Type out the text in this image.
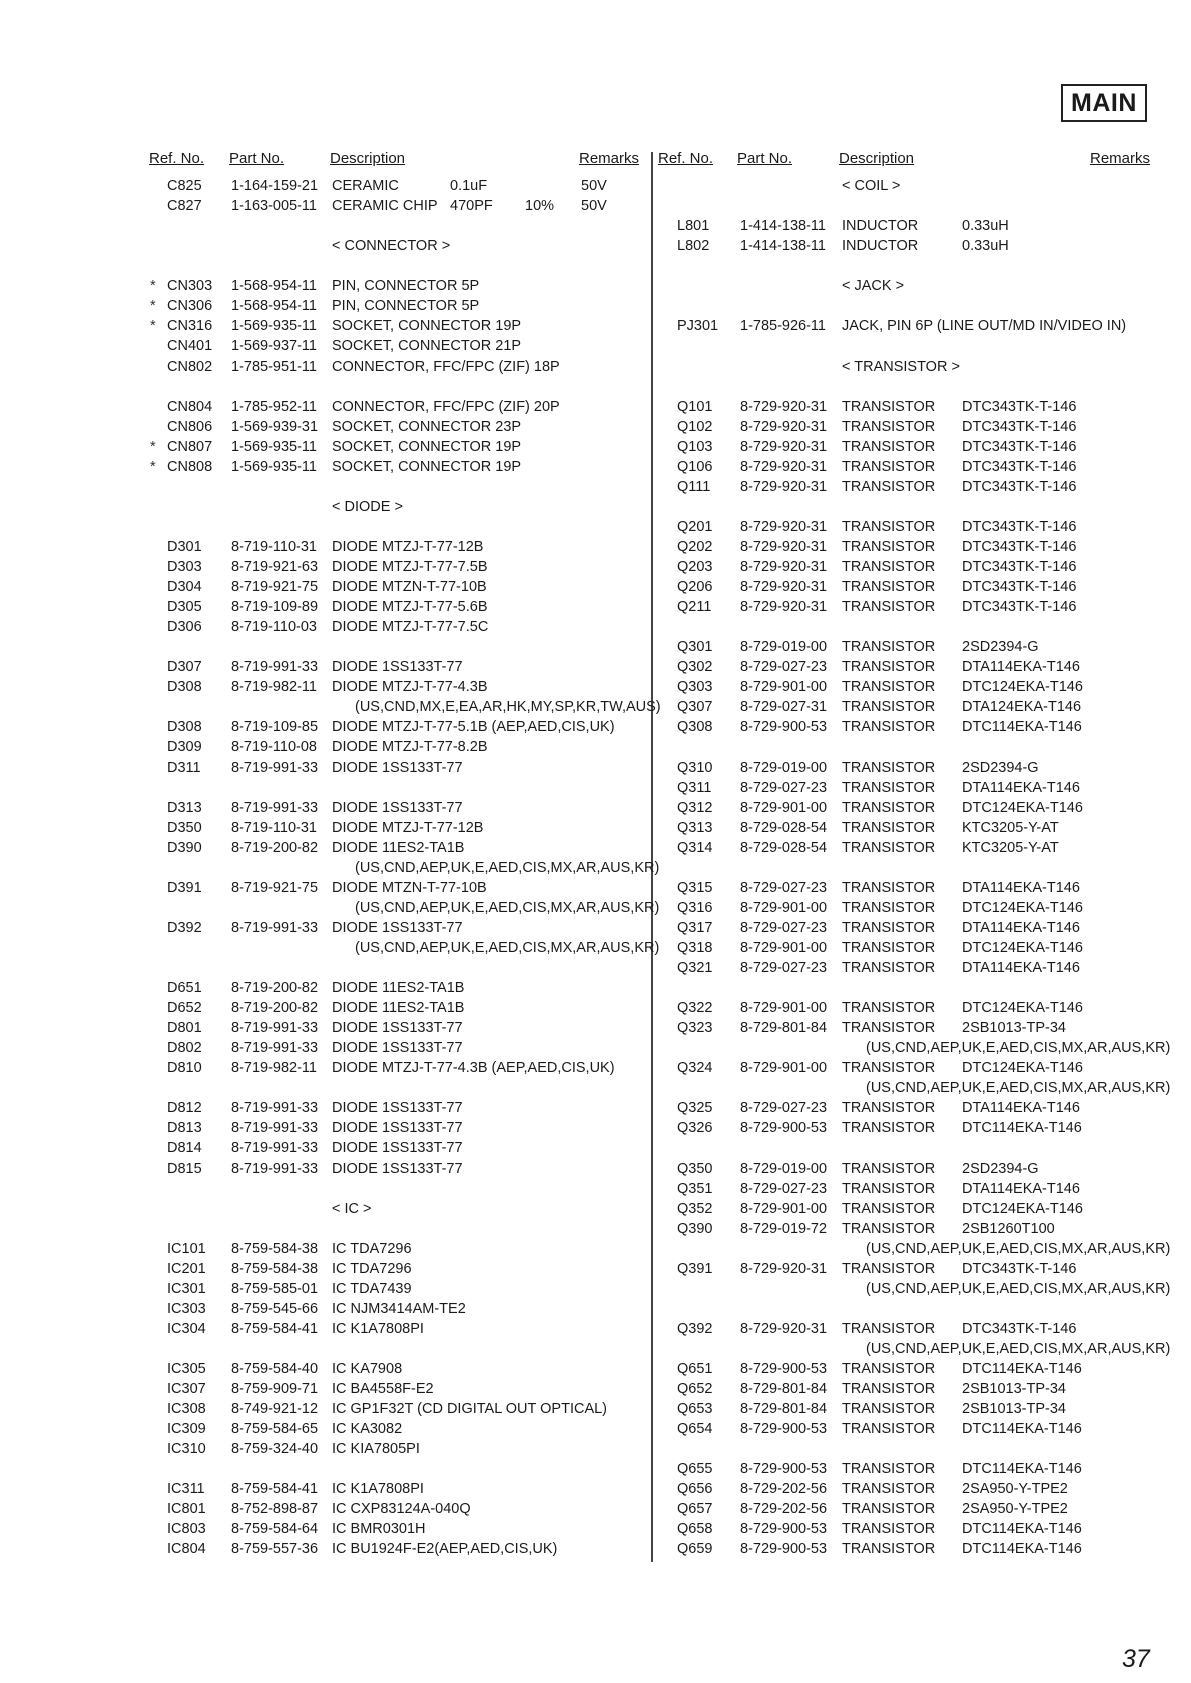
MAIN
Ref. No. Part No.	Description	Remarks Ref. No. Part No.	Description	Remarks
C825 1-164-159-21 CERAMIC	0.1uF	50V
C827 1-163-005-11 CERAMIC CHIP 470PF 10% 50V
< CONNECTOR >
* CN303 1-568-954-11 PIN, CONNECTOR 5P
* CN306 1-568-954-11 PIN, CONNECTOR 5P
* CN316 1-569-935-11 SOCKET, CONNECTOR 19P
CN401 1-569-937-11 SOCKET, CONNECTOR 21P
CN802 1-785-951-11 CONNECTOR, FFC/FPC (ZIF) 18P
CN804 1-785-952-11 CONNECTOR, FFC/FPC (ZIF) 20P
CN806 1-569-939-31 SOCKET, CONNECTOR 23P
* CN807 1-569-935-11 SOCKET, CONNECTOR 19P
* CN808 1-569-935-11 SOCKET, CONNECTOR 19P
< DIODE >
D301 8-719-110-31 DIODE MTZJ-T-77-12B
D303 8-719-921-63 DIODE MTZJ-T-77-7.5B
D304 8-719-921-75 DIODE MTZN-T-77-10B
D305 8-719-109-89 DIODE MTZJ-T-77-5.6B
D306 8-719-110-03 DIODE MTZJ-T-77-7.5C
D307 8-719-991-33 DIODE 1SS133T-77
D308 8-719-982-11 DIODE MTZJ-T-77-4.3B
(US,CND,MX,E,EA,AR,HK,MY,SP,KR,TW,AUS)
D308 8-719-109-85 DIODE MTZJ-T-77-5.1B (AEP,AED,CIS,UK)
D309 8-719-110-08 DIODE MTZJ-T-77-8.2B
D311 8-719-991-33 DIODE 1SS133T-77
D313 8-719-991-33 DIODE 1SS133T-77
D350 8-719-110-31 DIODE MTZJ-T-77-12B
D390 8-719-200-82 DIODE 11ES2-TA1B
(US,CND,AEP,UK,E,AED,CIS,MX,AR,AUS,KR)
D391 8-719-921-75 DIODE MTZN-T-77-10B
(US,CND,AEP,UK,E,AED,CIS,MX,AR,AUS,KR)
D392 8-719-991-33 DIODE 1SS133T-77
(US,CND,AEP,UK,E,AED,CIS,MX,AR,AUS,KR)
D651 8-719-200-82 DIODE 11ES2-TA1B
D652 8-719-200-82 DIODE 11ES2-TA1B
D801 8-719-991-33 DIODE 1SS133T-77
D802 8-719-991-33 DIODE 1SS133T-77
D810 8-719-982-11 DIODE MTZJ-T-77-4.3B (AEP,AED,CIS,UK)
D812 8-719-991-33 DIODE 1SS133T-77
D813 8-719-991-33 DIODE 1SS133T-77
D814 8-719-991-33 DIODE 1SS133T-77
D815 8-719-991-33 DIODE 1SS133T-77
< IC >
IC101 8-759-584-38 IC TDA7296
IC201 8-759-584-38 IC TDA7296
IC301 8-759-585-01 IC TDA7439
IC303 8-759-545-66 IC NJM3414AM-TE2
IC304 8-759-584-41 IC K1A7808PI
IC305 8-759-584-40 IC KA7908
IC307 8-759-909-71 IC BA4558F-E2
IC308 8-749-921-12 IC GP1F32T (CD DIGITAL OUT OPTICAL)
IC309 8-759-584-65 IC KA3082
IC310 8-759-324-40 IC KIA7805PI
IC311 8-759-584-41 IC K1A7808PI
IC801 8-752-898-87 IC CXP83124A-040Q
IC803 8-759-584-64 IC BMR0301H
IC804 8-759-557-36 IC BU1924F-E2(AEP,AED,CIS,UK)
< COIL >
L801 1-414-138-11 INDUCTOR	0.33uH
L802 1-414-138-11 INDUCTOR	0.33uH
< JACK >
PJ301 1-785-926-11 JACK, PIN 6P (LINE OUT/MD IN/VIDEO IN)
< TRANSISTOR >
Q101 8-729-920-31 TRANSISTOR DTC343TK-T-146
Q102 8-729-920-31 TRANSISTOR DTC343TK-T-146
Q103 8-729-920-31 TRANSISTOR DTC343TK-T-146
Q106 8-729-920-31 TRANSISTOR DTC343TK-T-146
Q111 8-729-920-31 TRANSISTOR DTC343TK-T-146
Q201 8-729-920-31 TRANSISTOR DTC343TK-T-146
Q202 8-729-920-31 TRANSISTOR DTC343TK-T-146
Q203 8-729-920-31 TRANSISTOR DTC343TK-T-146
Q206 8-729-920-31 TRANSISTOR DTC343TK-T-146
Q211 8-729-920-31 TRANSISTOR DTC343TK-T-146
Q301 8-729-019-00 TRANSISTOR 2SD2394-G
Q302 8-729-027-23 TRANSISTOR DTA114EKA-T146
Q303 8-729-901-00 TRANSISTOR DTC124EKA-T146
Q307 8-729-027-31 TRANSISTOR DTA124EKA-T146
Q308 8-729-900-53 TRANSISTOR DTC114EKA-T146
Q310 8-729-019-00 TRANSISTOR 2SD2394-G
Q311 8-729-027-23 TRANSISTOR DTA114EKA-T146
Q312 8-729-901-00 TRANSISTOR DTC124EKA-T146
Q313 8-729-028-54 TRANSISTOR KTC3205-Y-AT
Q314 8-729-028-54 TRANSISTOR KTC3205-Y-AT
Q315 8-729-027-23 TRANSISTOR DTA114EKA-T146
Q316 8-729-901-00 TRANSISTOR DTC124EKA-T146
Q317 8-729-027-23 TRANSISTOR DTA114EKA-T146
Q318 8-729-901-00 TRANSISTOR DTC124EKA-T146
Q321 8-729-027-23 TRANSISTOR DTA114EKA-T146
Q322 8-729-901-00 TRANSISTOR DTC124EKA-T146
Q323 8-729-801-84 TRANSISTOR 2SB1013-TP-34
(US,CND,AEP,UK,E,AED,CIS,MX,AR,AUS,KR)
Q324 8-729-901-00 TRANSISTOR DTC124EKA-T146
(US,CND,AEP,UK,E,AED,CIS,MX,AR,AUS,KR)
Q325 8-729-027-23 TRANSISTOR DTA114EKA-T146
Q326 8-729-900-53 TRANSISTOR DTC114EKA-T146
Q350 8-729-019-00 TRANSISTOR 2SD2394-G
Q351 8-729-027-23 TRANSISTOR DTA114EKA-T146
Q352 8-729-901-00 TRANSISTOR DTC124EKA-T146
Q390 8-729-019-72 TRANSISTOR 2SB1260T100
(US,CND,AEP,UK,E,AED,CIS,MX,AR,AUS,KR)
Q391 8-729-920-31 TRANSISTOR DTC343TK-T-146
(US,CND,AEP,UK,E,AED,CIS,MX,AR,AUS,KR)
Q392 8-729-920-31 TRANSISTOR DTC343TK-T-146
(US,CND,AEP,UK,E,AED,CIS,MX,AR,AUS,KR)
Q651 8-729-900-53 TRANSISTOR DTC114EKA-T146
Q652 8-729-801-84 TRANSISTOR 2SB1013-TP-34
Q653 8-729-801-84 TRANSISTOR 2SB1013-TP-34
Q654 8-729-900-53 TRANSISTOR DTC114EKA-T146
Q655 8-729-900-53 TRANSISTOR DTC114EKA-T146
Q656 8-729-202-56 TRANSISTOR 2SA950-Y-TPE2
Q657 8-729-202-56 TRANSISTOR 2SA950-Y-TPE2
Q658 8-729-900-53 TRANSISTOR DTC114EKA-T146
Q659 8-729-900-53 TRANSISTOR DTC114EKA-T146
37
